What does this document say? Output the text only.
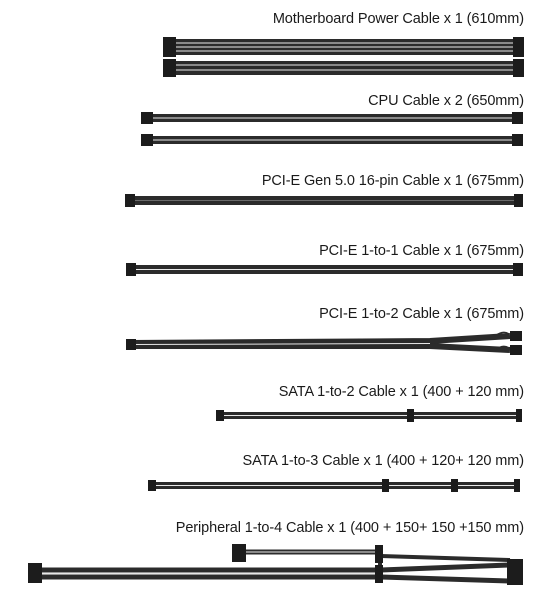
Motherboard Power Cable x 1 (610mm)
CPU Cable x 2 (650mm)
PCI-E Gen 5.0 16-pin Cable x 1 (675mm)
PCI-E 1-to-1 Cable x 1 (675mm)
PCI-E 1-to-2 Cable x 1 (675mm)
SATA 1-to-2 Cable x 1 (400 + 120 mm)
SATA 1-to-3 Cable x 1 (400 + 120+ 120 mm)
Peripheral 1-to-4 Cable x 1 (400 + 150+ 150 +150 mm)
